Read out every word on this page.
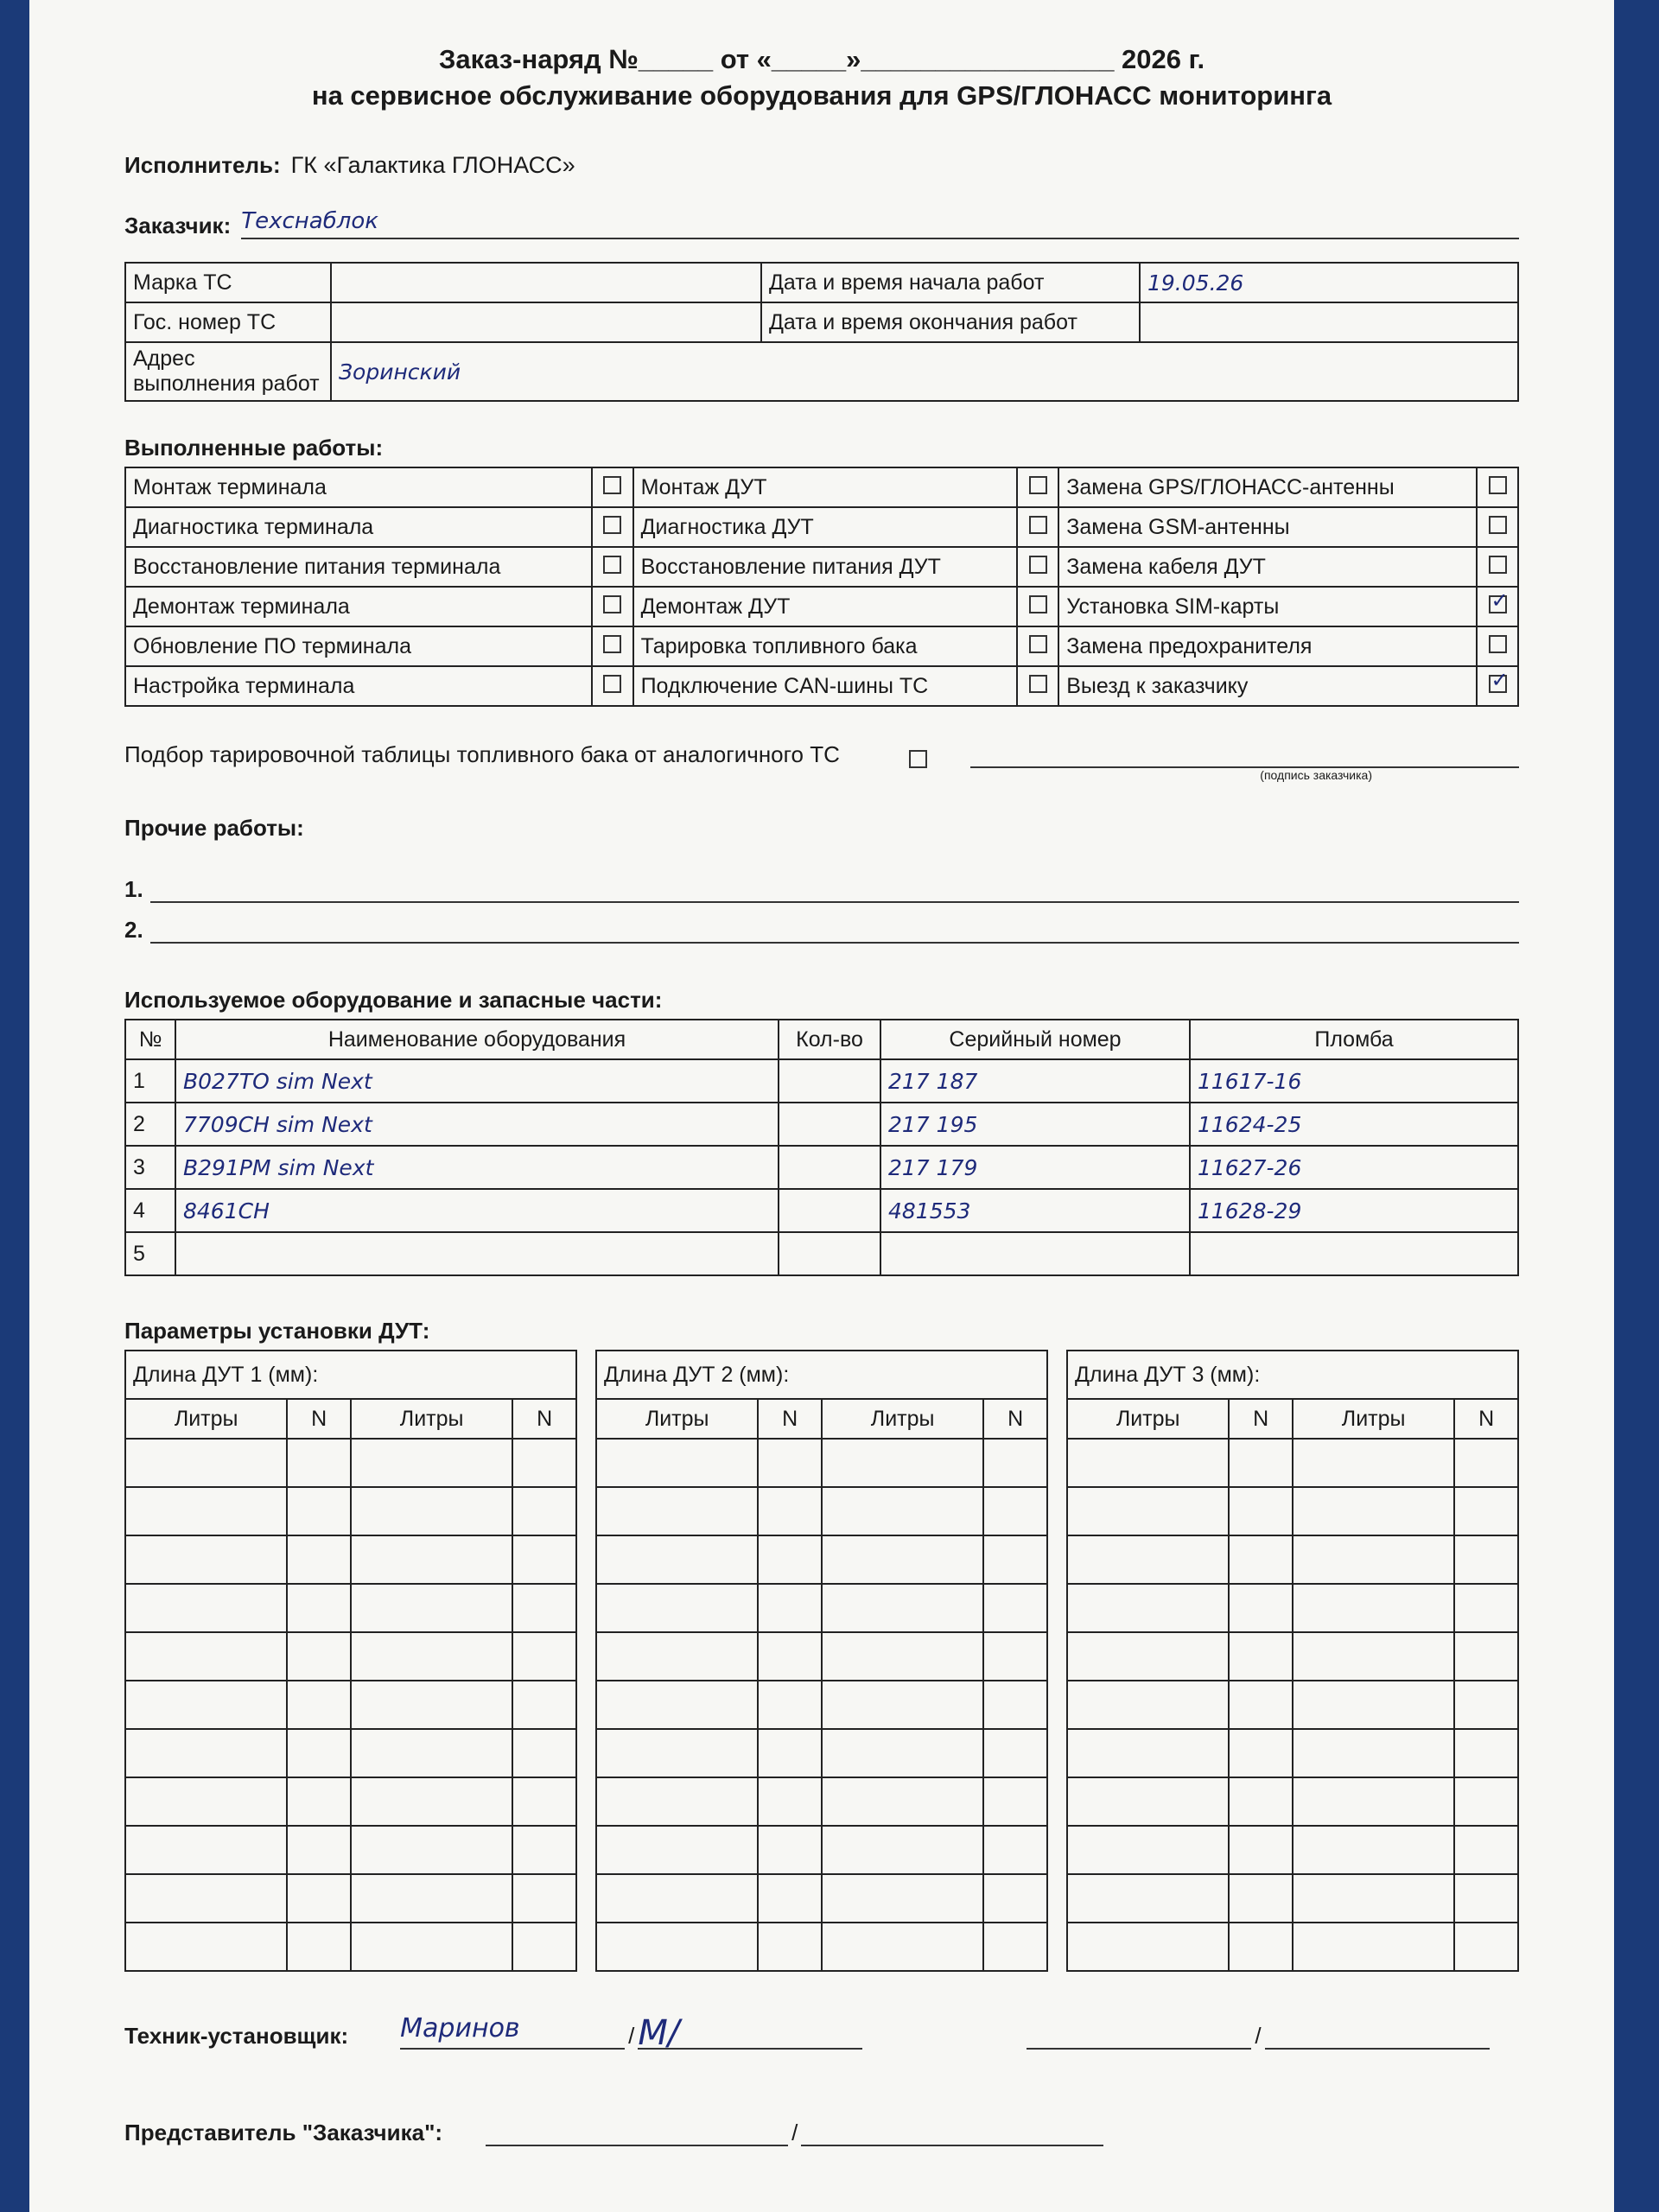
Заказ-наряд №_____ от «_____»_________________ 2026 г.
на сервисное обслуживание оборудования для GPS/ГЛОНАСС мониторинга
Исполнитель: ГК «Галактика ГЛОНАСС»
Заказчик: Техснаблок
Марка ТС		Дата и время начала работ	19.05.26
Гос. номер ТС		Дата и время окончания работ	
Адрес выполнения работ	Зоринский		
Выполненные работы:
Монтаж терминала		Монтаж ДУТ		Замена GPS/ГЛОНАСС-антенны	
Диагностика терминала		Диагностика ДУТ		Замена GSM-антенны	
Восстановление питания терминала		Восстановление питания ДУТ		Замена кабеля ДУТ	
Демонтаж терминала		Демонтаж ДУТ		Установка SIM-карты	✓
Обновление ПО терминала		Тарировка топливного бака		Замена предохранителя	
Настройка терминала		Подключение CAN-шины ТС		Выезд к заказчику	✓
Подбор тарировочной таблицы топливного бака от аналогичного ТС
(подпись заказчика)
Прочие работы:
1.
2.
Используемое оборудование и запасные части:
№	Наименование оборудования	Кол-во	Серийный номер	Пломба
1	B027TO sim Next		217 187	11617-16
2	7709CH sim Next		217 195	11624-25
3	B291PM sim Next		217 179	11627-26
4	8461CH		481553	11628-29
5				
Параметры установки ДУТ:
Длина ДУТ 1 (мм):			
Литры	N	Литры	N

Длина ДУТ 2 (мм):			
Литры	N	Литры	N

Длина ДУТ 3 (мм):			
Литры	N	Литры	N

Техник-установщик: Маринов	/ М/	/
Представитель "Заказчика":	/
